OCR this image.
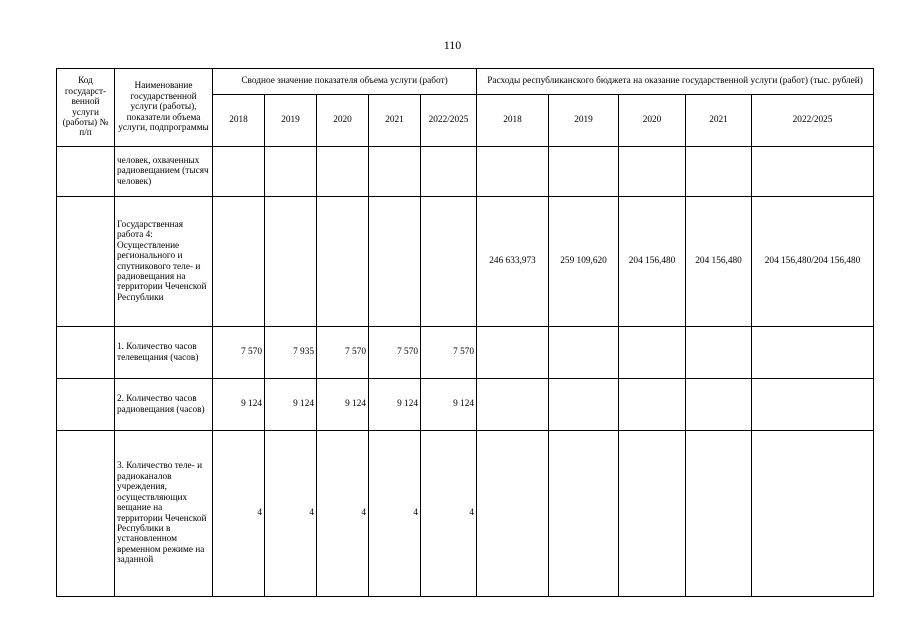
110
Код государст-венной услуги (работы) № п/п	Наименование государственной услуги (работы), показатели объема услуги, подпрограммы	Сводное значение показателя объема услуги (работ)					Расходы республиканского бюджета на оказание государственной услуги (работ) (тыс. рублей)				
		2018	2019	2020	2021	2022/2025	2018	2019	2020	2021	2022/2025
	человек, охваченных радиовещанием (тысяч человек)										
	Государственная работа 4: Осуществление регионального и спутникового теле- и радиовещания на территории Чеченской Республики						246 633,973	259 109,620	204 156,480	204 156,480	204 156,480/204 156,480
	1. Количество часов телевещания (часов)	7 570	7 935	7 570	7 570	7 570					
	2. Количество часов радиовещания (часов)	9 124	9 124	9 124	9 124	9 124					
	3. Количество теле- и радиоканалов учреждения, осуществляющих вещание на территории Чеченской Республики в установленном временном режиме на заданной	4	4	4	4	4					
